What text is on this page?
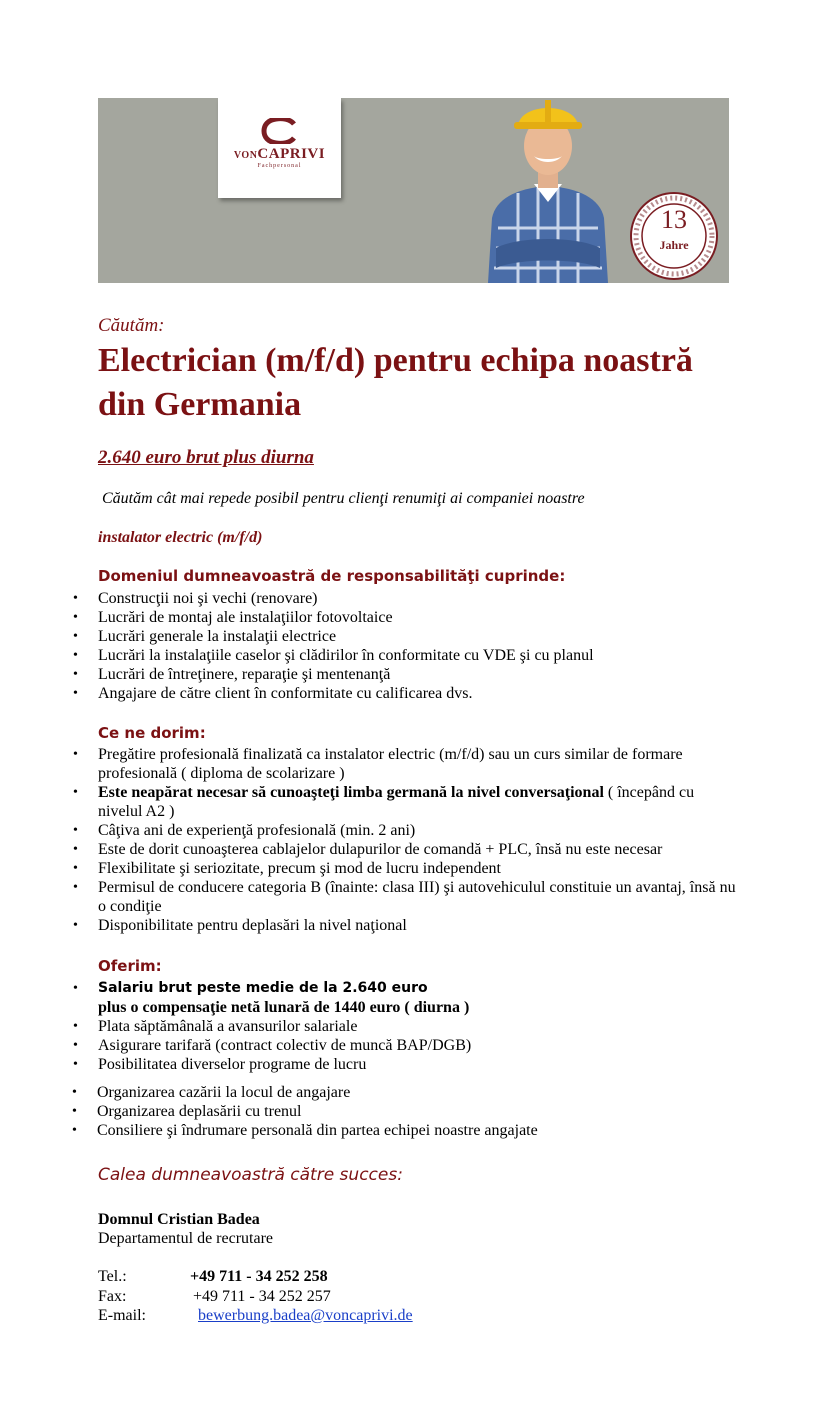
VONCAPRIVI
Fachpersonal
13
Jahre
Căutăm:
Electrician (m/f/d) pentru echipa noastră din Germania
2.640 euro brut plus diurna
Căutăm cât mai repede posibil pentru clienţi renumiţi ai companiei noastre
instalator electric (m/f/d)
Domeniul dumneavoastră de responsabilităţi cuprinde:
• Construcţii noi şi vechi (renovare)
• Lucrări de montaj ale instalaţiilor fotovoltaice
• Lucrări generale la instalaţii electrice
• Lucrări la instalaţiile caselor şi clădirilor în conformitate cu VDE şi cu planul
• Lucrări de întreţinere, reparaţie şi mentenanţă
• Angajare de către client în conformitate cu calificarea dvs.
Ce ne dorim:
• Pregătire profesională finalizată ca instalator electric (m/f/d) sau un curs similar de formare profesională ( diploma de scolarizare )
• Este neapărat necesar să cunoaşteţi limba germană la nivel conversaţional ( începând cu nivelul A2 )
• Câţiva ani de experienţă profesională (min. 2 ani)
• Este de dorit cunoaşterea cablajelor dulapurilor de comandă + PLC, însă nu este necesar
• Flexibilitate şi seriozitate, precum şi mod de lucru independent
• Permisul de conducere categoria B (înainte: clasa III) şi autovehiculul constituie un avantaj, însă nu o condiţie
• Disponibilitate pentru deplasări la nivel naţional
Oferim:
• Salariu brut peste medie de la 2.640 euro
plus o compensaţie netă lunară de 1440 euro ( diurna )
• Plata săptămânală a avansurilor salariale
• Asigurare tarifară (contract colectiv de muncă BAP/DGB)
• Posibilitatea diverselor programe de lucru
• Organizarea cazării la locul de angajare
• Organizarea deplasării cu trenul
• Consiliere şi îndrumare personală din partea echipei noastre angajate
Calea dumneavoastră către succes:
Domnul Cristian Badea
Departamentul de recrutare
Tel.:	+49 711 - 34 252 258
Fax:	+49 711 - 34 252 257
E-mail:	bewerbung.badea@voncaprivi.de
